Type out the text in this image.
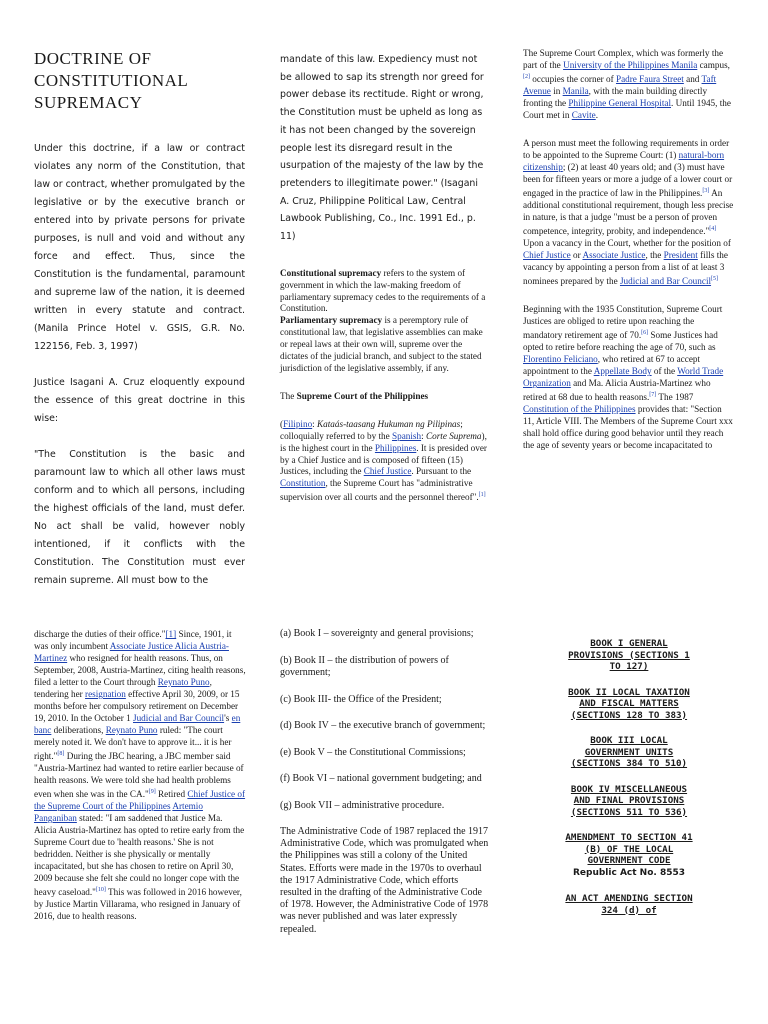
DOCTRINE OF CONSTITUTIONAL SUPREMACY

Under this doctrine, if a law or contract violates any norm of the Constitution, that law or contract, whether promulgated by the legislative or by the executive branch or entered into by private persons for private purposes, is null and void and without any force and effect. Thus, since the Constitution is the fundamental, paramount and supreme law of the nation, it is deemed written in every statute and contract. (Manila Prince Hotel v. GSIS, G.R. No. 122156, Feb. 3, 1997)

Justice Isagani A. Cruz eloquently expound the essence of this great doctrine in this wise:

"The Constitution is the basic and paramount law to which all other laws must conform and to which all persons, including the highest officials of the land, must defer. No act shall be valid, however nobly intentioned, if it conflicts with the Constitution. The Constitution must ever remain supreme. All must bow to the

mandate of this law. Expediency must not be allowed to sap its strength nor greed for power debase its rectitude. Right or wrong, the Constitution must be upheld as long as it has not been changed by the sovereign people lest its disregard result in the usurpation of the majesty of the law by the pretenders to illegitimate power." (Isagani A. Cruz, Philippine Political Law, Central Lawbook Publishing, Co., Inc. 1991 Ed., p. 11)

Constitutional supremacy refers to the system of government in which the law-making freedom of parliamentary supremacy cedes to the requirements of a Constitution.
Parliamentary supremacy is a peremptory rule of constitutional law, that legislative assemblies can make or repeal laws at their own will, supreme over the dictates of the judicial branch, and subject to the stated jurisdiction of the legislative assembly, if any.

The Supreme Court of the Philippines

(Filipino: Kataás-taasang Hukuman ng Pilipinas; colloquially referred to by the Spanish: Corte Suprema), is the highest court in the Philippines. It is presided over by a Chief Justice and is composed of fifteen (15) Justices, including the Chief Justice. Pursuant to the Constitution, the Supreme Court has "administrative supervision over all courts and the personnel thereof".[1]

The Supreme Court Complex, which was formerly the part of the University of the Philippines Manila campus,[2] occupies the corner of Padre Faura Street and Taft Avenue in Manila, with the main building directly fronting the Philippine General Hospital. Until 1945, the Court met in Cavite.

A person must meet the following requirements in order to be appointed to the Supreme Court: (1) natural-born citizenship; (2) at least 40 years old; and (3) must have been for fifteen years or more a judge of a lower court or engaged in the practice of law in the Philippines.[3] An additional constitutional requirement, though less precise in nature, is that a judge "must be a person of proven competence, integrity, probity, and independence."[4] Upon a vacancy in the Court, whether for the position of Chief Justice or Associate Justice, the President fills the vacancy by appointing a person from a list of at least 3 nominees prepared by the Judicial and Bar Council[5]

Beginning with the 1935 Constitution, Supreme Court Justices are obliged to retire upon reaching the mandatory retirement age of 70.[6] Some Justices had opted to retire before reaching the age of 70, such as Florentino Feliciano, who retired at 67 to accept appointment to the Appellate Body of the World Trade Organization and Ma. Alicia Austria-Martinez who retired at 68 due to health reasons.[7] The 1987 Constitution of the Philippines provides that: "Section 11, Article VIII. The Members of the Supreme Court xxx shall hold office during good behavior until they reach the age of seventy years or become incapacitated to

discharge the duties of their office."[1] Since, 1901, it was only incumbent Associate Justice Alicia Austria-Martinez who resigned for health reasons. Thus, on September, 2008, Austria-Martinez, citing health reasons, filed a letter to the Court through Reynato Puno, tendering her resignation effective April 30, 2009, or 15 months before her compulsory retirement on December 19, 2010. In the October 1 Judicial and Bar Council's en banc deliberations, Reynato Puno ruled: "The court merely noted it. We don't have to approve it... it is her right."[8] During the JBC hearing, a JBC member said "Austria-Martinez had wanted to retire earlier because of health reasons. We were told she had health problems even when she was in the CA."[9] Retired Chief Justice of the Supreme Court of the Philippines Artemio Panganiban stated: "I am saddened that Justice Ma. Alicia Austria-Martinez has opted to retire early from the Supreme Court due to 'health reasons.' She is not bedridden. Neither is she physically or mentally incapacitated, but she has chosen to retire on April 30, 2009 because she felt she could no longer cope with the heavy caseload."[10] This was followed in 2016 however, by Justice Martin Villarama, who resigned in January of 2016, due to health reasons.

(a) Book I – sovereignty and general provisions;

(b) Book II – the distribution of powers of government;

(c) Book III- the Office of the President;

(d) Book IV – the executive branch of government;

(e) Book V – the Constitutional Commissions;

(f) Book VI – national government budgeting; and

(g) Book VII – administrative procedure.

The Administrative Code of 1987 replaced the 1917 Administrative Code, which was promulgated when the Philippines was still a colony of the United States. Efforts were made in the 1970s to overhaul the 1917 Administrative Code, which efforts resulted in the drafting of the Administrative Code of 1978. However, the Administrative Code of 1978 was never published and was later expressly repealed.

BOOK I GENERAL PROVISIONS (SECTIONS 1 TO 127)
BOOK II LOCAL TAXATION AND FISCAL MATTERS (SECTIONS 128 TO 383)
BOOK III LOCAL GOVERNMENT UNITS (SECTIONS 384 TO 510)
BOOK IV MISCELLANEOUS AND FINAL PROVISIONS (SECTIONS 511 TO 536)
AMENDMENT TO SECTION 41 (B) OF THE LOCAL GOVERNMENT CODE
Republic Act No. 8553
AN ACT AMENDING SECTION 324 (d) of
